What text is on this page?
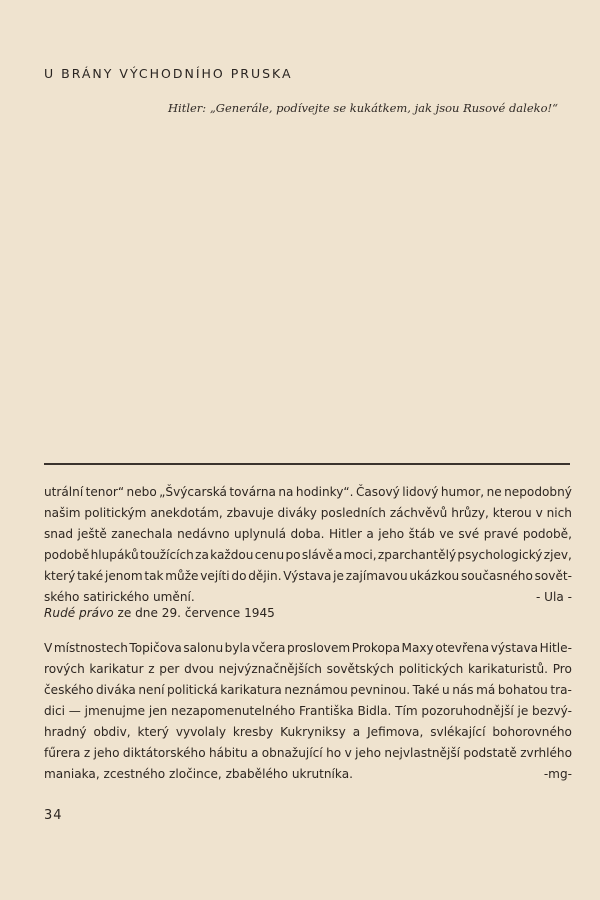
U BRÁNY VÝCHODNÍHO PRUSKA
Hitler: „Generále, podívejte se kukátkem, jak jsou Rusové daleko!“
utrální tenor“ nebo „Švýcarská továrna na hodinky“. Časový lidový humor, ne nepodobný
našim politickým anekdotám, zbavuje diváky posledních záchvěvů hrůzy, kterou v nich
snad ještě zanechala nedávno uplynulá doba. Hitler a jeho štáb ve své pravé podobě,
podobě hlupáků toužících za každou cenu po slávě a moci, zparchantělý psychologický zjev,
který také jenom tak může vejíti do dějin. Výstava je zajímavou ukázkou současného sovět-
ského satirického umění.	- Ula -
Rudé právo ze dne 29. července 1945
V místnostech Topičova salonu byla včera proslovem Prokopa Maxy otevřena výstava Hitle-
rových karikatur z per dvou nejvýznačnějších sovětských politických karikaturistů. Pro
českého diváka není politická karikatura neznámou pevninou. Také u nás má bohatou tra-
dici — jmenujme jen nezapomenutelného Františka Bidla. Tím pozoruhodnější je bezvý-
hradný obdiv, který vyvolaly kresby Kukryniksy a Jefimova, svlékající bohorovného
fűrera z jeho diktátorského hábitu a obnažující ho v jeho nejvlastnější podstatě zvrhlého
maniaka, zcestného zločince, zbabělého ukrutníka.	-mg-
34
